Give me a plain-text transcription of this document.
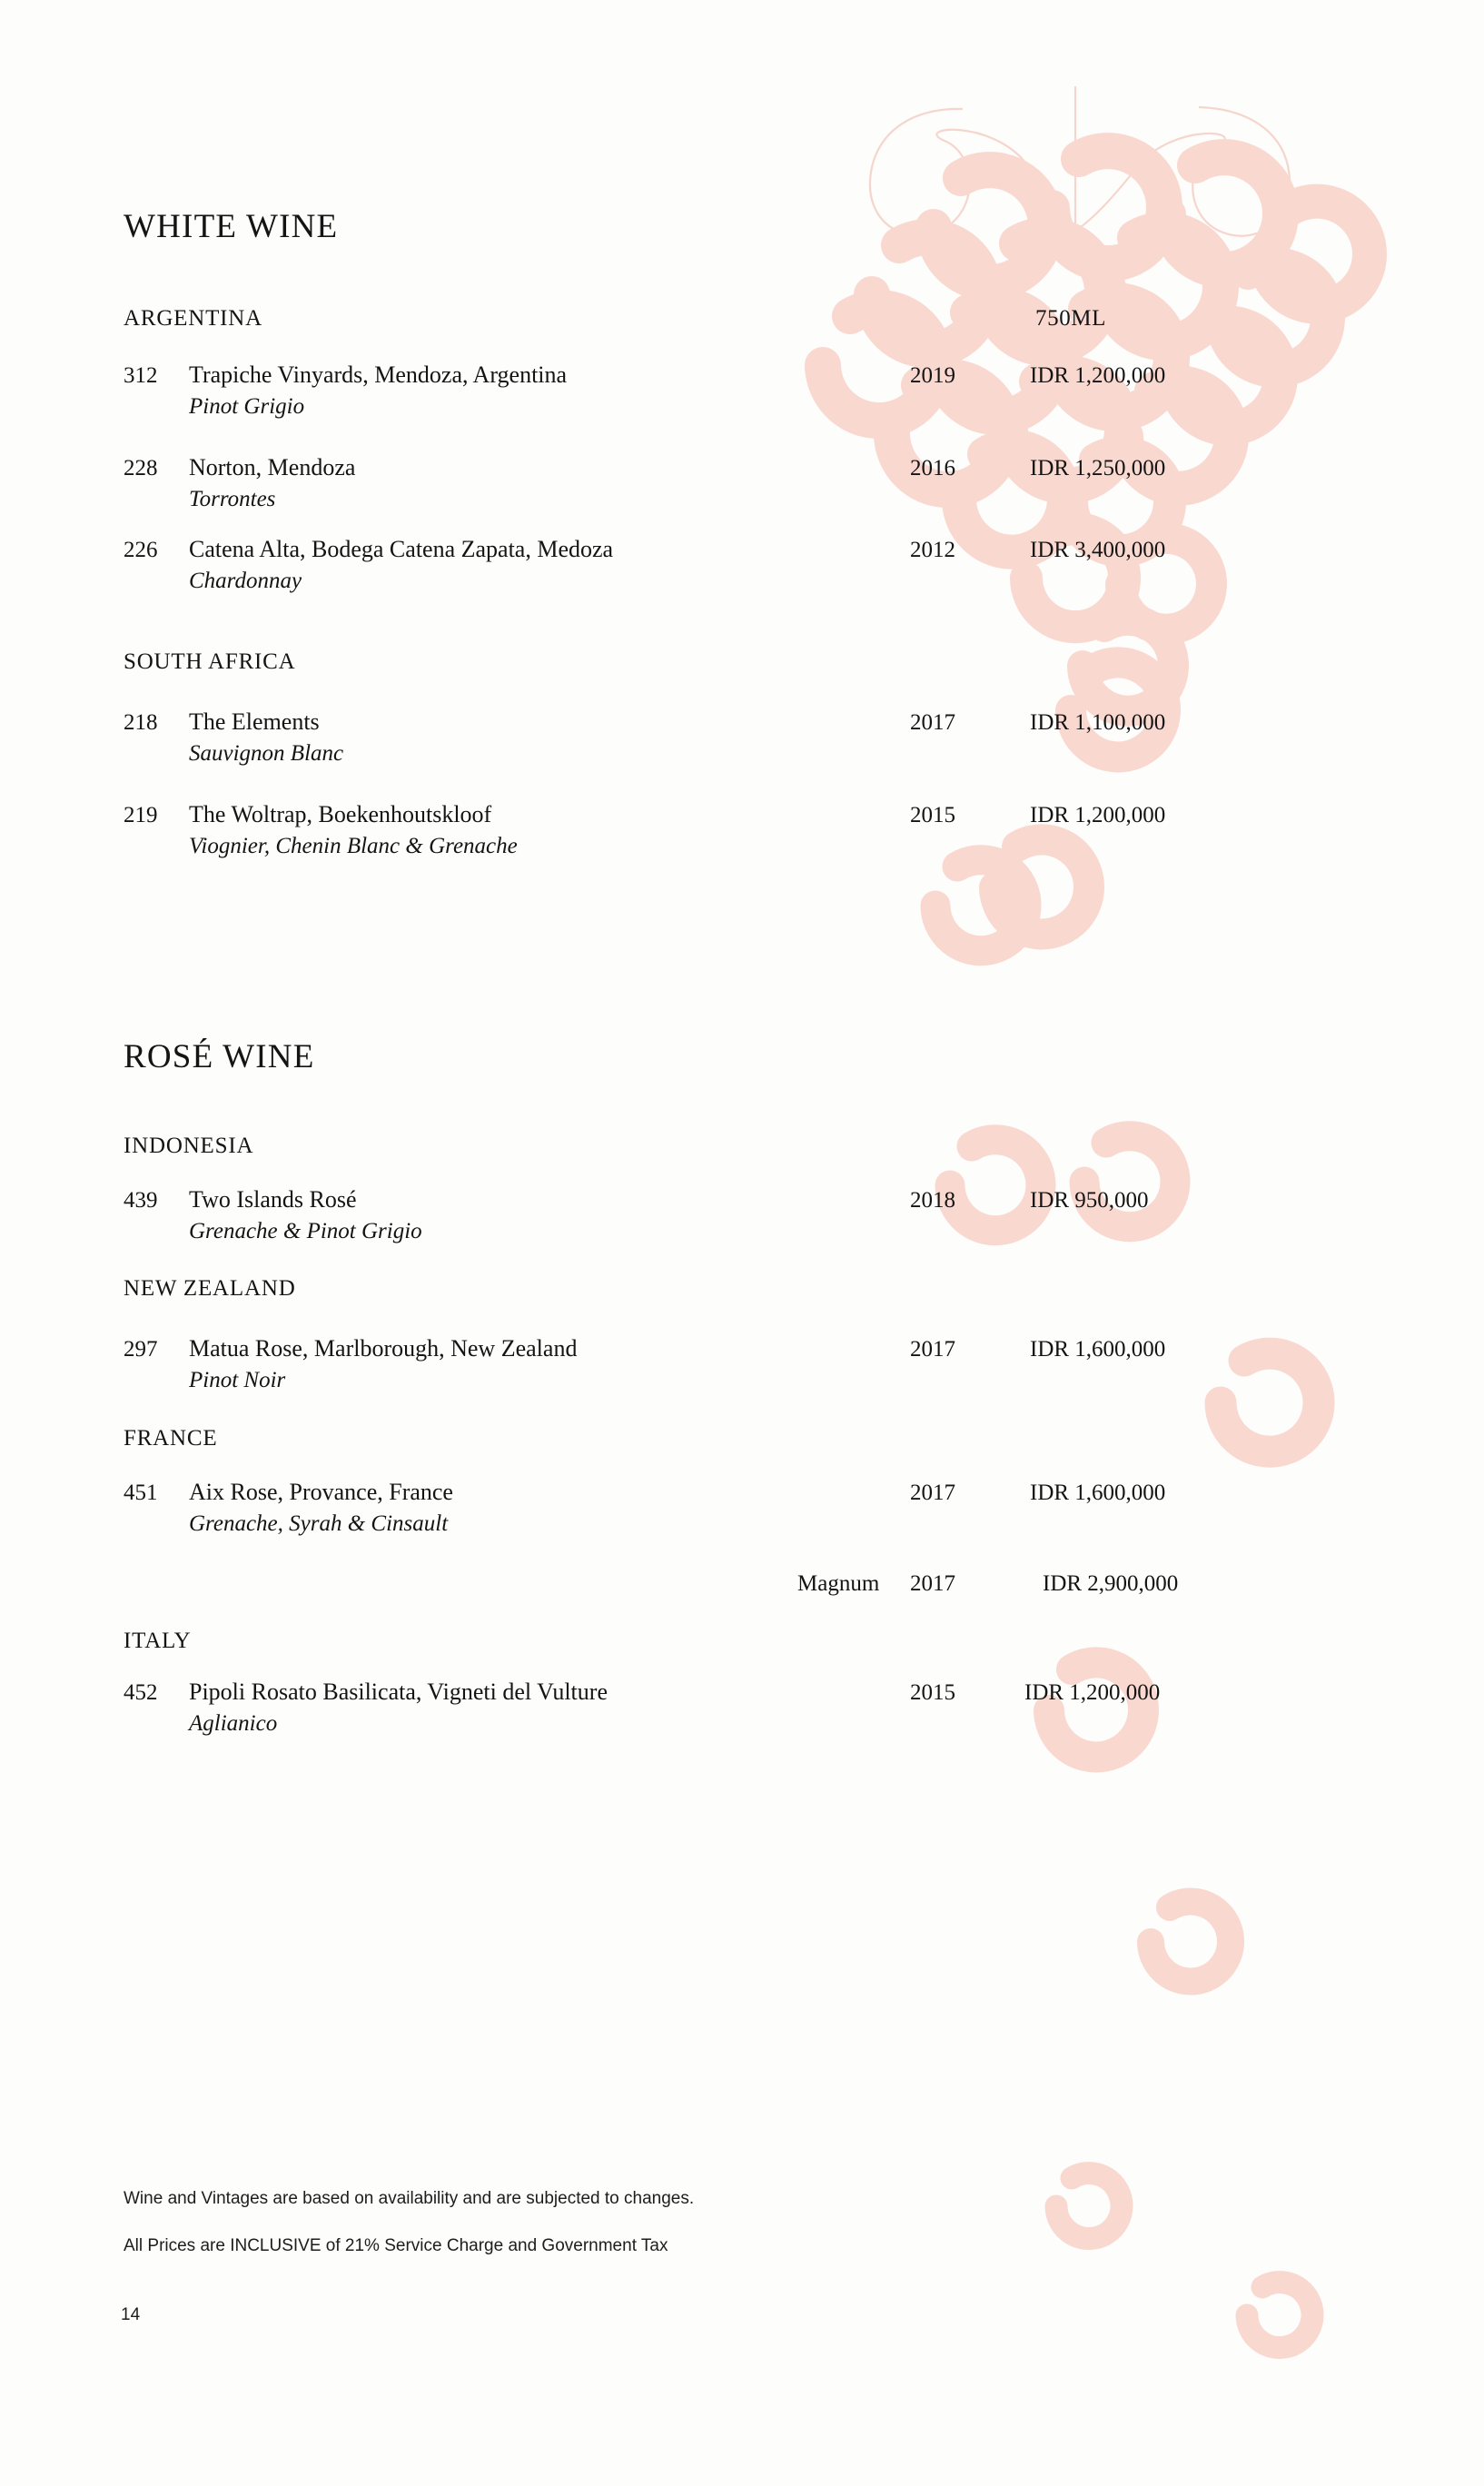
WHITE WINE
ARGENTINA	750ML
312 Trapiche Vinyards, Mendoza, Argentina
Pinot Grigio
2019	IDR 1,200,000
228 Norton, Mendoza
Torrontes
2016	IDR 1,250,000
226 Catena Alta, Bodega Catena Zapata, Medoza
Chardonnay
2012	IDR 3,400,000
SOUTH AFRICA
218 The Elements
Sauvignon Blanc
2017	IDR 1,100,000
219 The Woltrap, Boekenhoutskloof
Viognier, Chenin Blanc & Grenache
2015	IDR 1,200,000
ROSÉ WINE
INDONESIA
439 Two Islands Rosé
Grenache & Pinot Grigio
2018	IDR 950,000
NEW ZEALAND
297 Matua Rose, Marlborough, New Zealand
Pinot Noir
2017	IDR 1,600,000
FRANCE
451 Aix Rose, Provance, France
Grenache, Syrah & Cinsault
2017	IDR 1,600,000
Magnum 2017	IDR 2,900,000
ITALY
452 Pipoli Rosato Basilicata, Vigneti del Vulture
Aglianico
2015	IDR 1,200,000
Wine and Vintages are based on availability and are subjected to changes.
All Prices are INCLUSIVE of 21% Service Charge and Government Tax
14
